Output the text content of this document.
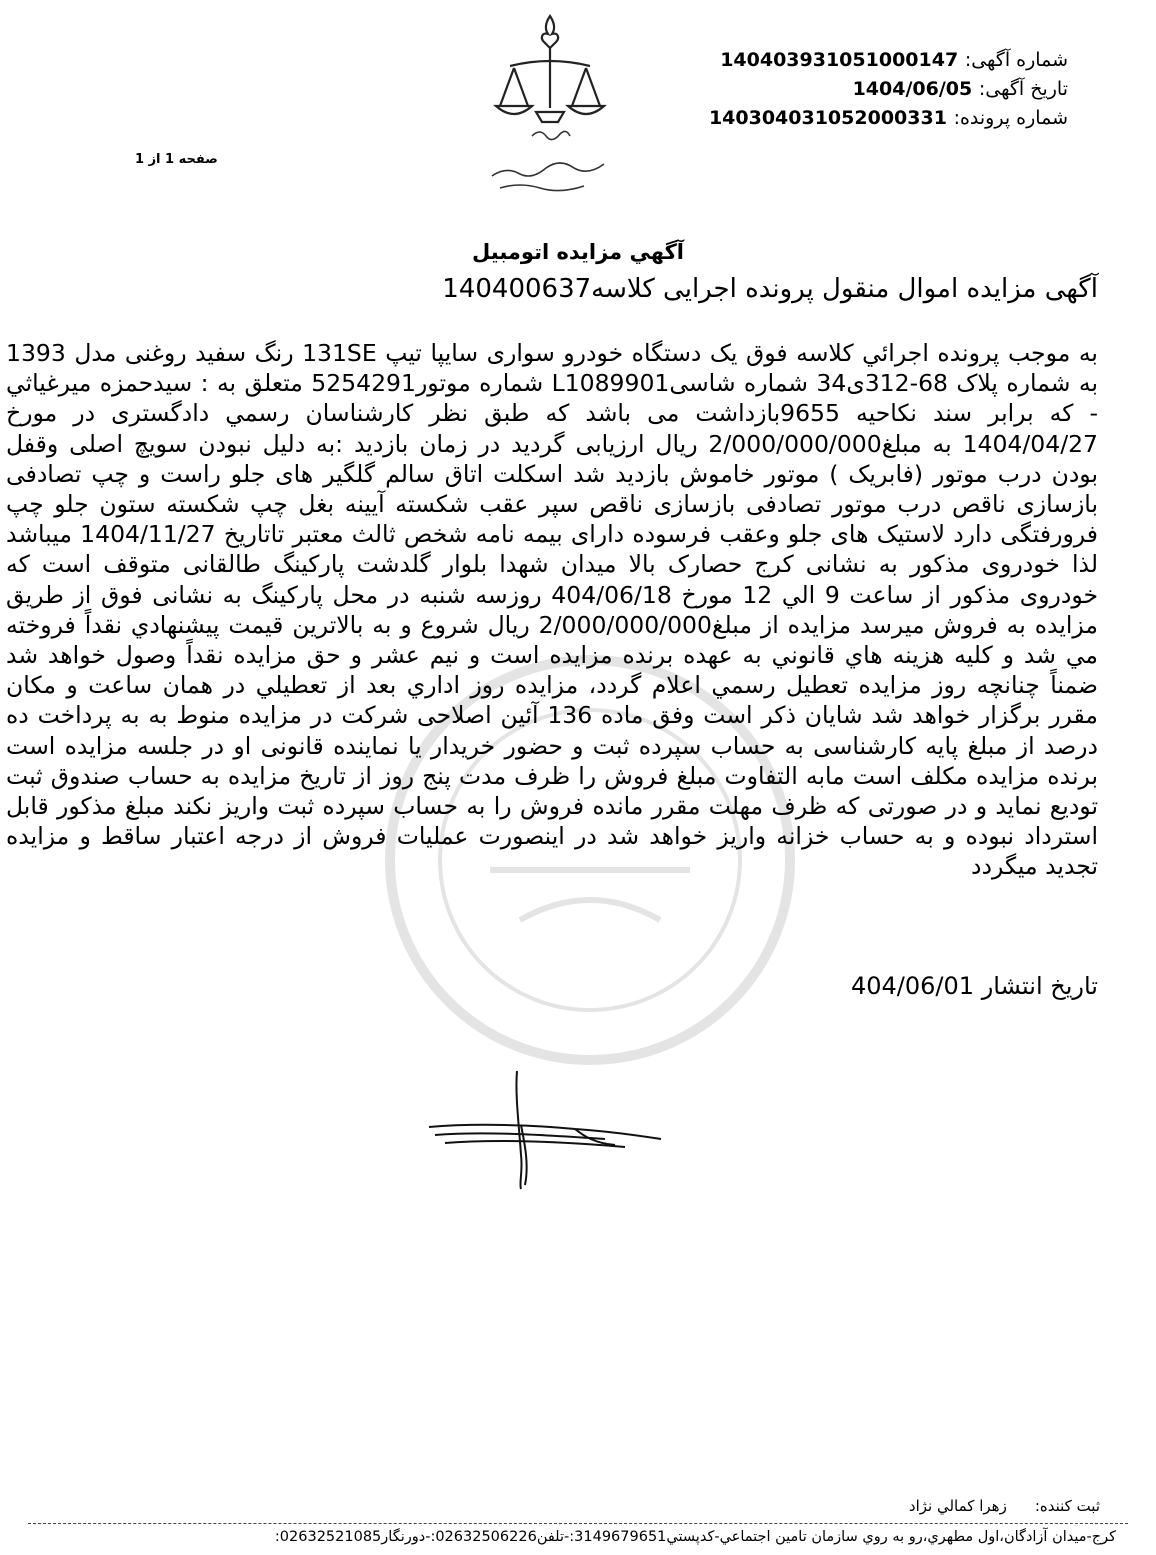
شماره آگهی: 140403931051000147
تاریخ آگهی: 1404/06/05
شماره پرونده: 140304031052000331
صفحه 1 از 1
آگهي مزايده اتومبيل
آگهی مزایده اموال منقول پرونده اجرایی کلاسه140400637

به موجب پرونده اجرائي كلاسه فوق یک دستگاه خودرو سواری سایپا تیپ 131SE رنگ سفید روغنی مدل 1393 به شماره پلاک 68-312ی34 شماره شاسیL1089901 شماره موتور5254291 متعلق به : سيدحمزه ميرغياثي - که برابر سند نکاحیه 9655بازداشت می باشد که طبق نظر كارشناسان رسمي دادگستری در مورخ 1404/04/27 به مبلغ2/000/000/000 ریال ارزیابی گردید در زمان بازدید :به دلیل نبودن سویچ اصلی وقفل بودن درب موتور (فابریک ) موتور خاموش بازدید شد اسکلت اتاق سالم گلگیر های جلو راست و چپ تصادفی بازسازی ناقص درب موتور تصادفی بازسازی ناقص سپر عقب شکسته آیینه بغل چپ شکسته ستون جلو چپ فرورفتگی دارد لاستیک های جلو وعقب فرسوده دارای بیمه نامه شخص ثالث معتبر تاتاریخ 1404/11/27 میباشد لذا خودروی مذکور به نشانی کرج حصارک بالا میدان شهدا بلوار گلدشت پارکینگ طالقانی متوقف است که خودروی مذکور از ساعت 9 الي 12 مورخ 404/06/18 روزسه شنبه در محل پارکینگ به نشانی فوق از طریق مزایده به فروش میرسد مزایده از مبلغ2/000/000/000 ريال شروع و به بالاترين قيمت پيشنهادي نقداً فروخته مي شد و كليه هزينه هاي قانوني به عهده برنده مزايده است و نيم عشر و حق مزايده نقداً وصول خواهد شد ضمناً چنانچه روز مزايده تعطيل رسمي اعلام گردد، مزايده روز اداري بعد از تعطيلي در همان ساعت و مكان مقرر برگزار خواهد شد شایان ذکر است وفق ماده 136 آئین اصلاحی شرکت در مزایده منوط به به پرداخت ده درصد از مبلغ پایه کارشناسی به حساب سپرده ثبت و حضور خریدار یا نماینده قانونی او در جلسه مزایده است برنده مزایده مکلف است مابه التفاوت مبلغ فروش را ظرف مدت پنج روز از تاریخ مزایده به حساب صندوق ثبت تودیع نماید و در صورتی که ظرف مهلت مقرر مانده فروش را به حساب سپرده ثبت واریز نکند مبلغ مذکور قابل استرداد نبوده و به حساب خزانه واریز خواهد شد در اینصورت عملیات فروش از درجه اعتبار ساقط و مزایده تجدید میگردد

تاریخ انتشار 404/06/01
ثبت كننده:زهرا كمالي نژاد
كرج-ميدان آزادگان،اول مطهري،رو به روي سازمان تامين اجتماعي-كدپستي3149679651:-تلفن02632506226:-دورنگار02632521085:
